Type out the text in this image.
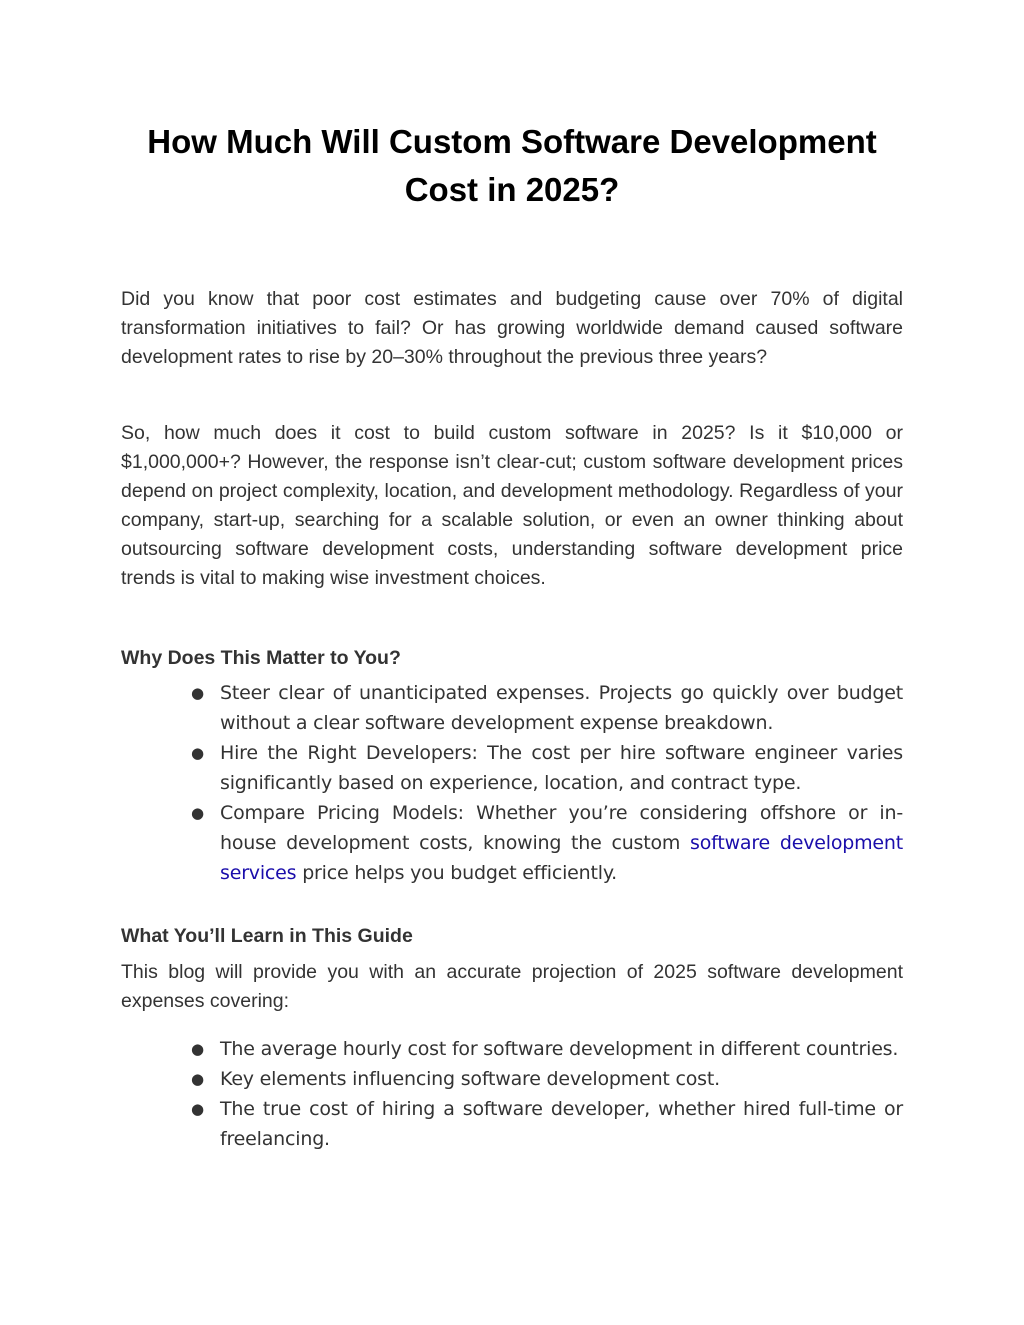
How Much Will Custom Software Development Cost in 2025?

Did you know that poor cost estimates and budgeting cause over 70% of digital transformation initiatives to fail? Or has growing worldwide demand caused software development rates to rise by 20–30% throughout the previous three years?

So, how much does it cost to build custom software in 2025? Is it $10,000 or $1,000,000+? However, the response isn’t clear-cut; custom software development prices depend on project complexity, location, and development methodology. Regardless of your company, start-up, searching for a scalable solution, or even an owner thinking about outsourcing software development costs, understanding software development price trends is vital to making wise investment choices.

Why Does This Matter to You?
● Steer clear of unanticipated expenses. Projects go quickly over budget without a clear software development expense breakdown.
● Hire the Right Developers: The cost per hire software engineer varies significantly based on experience, location, and contract type.
● Compare Pricing Models: Whether you’re considering offshore or in-house development costs, knowing the custom software development services price helps you budget efficiently.
What You’ll Learn in This Guide

This blog will provide you with an accurate projection of 2025 software development expenses covering:

● The average hourly cost for software development in different countries.
● Key elements influencing software development cost.
● The true cost of hiring a software developer, whether hired full-time or freelancing.
